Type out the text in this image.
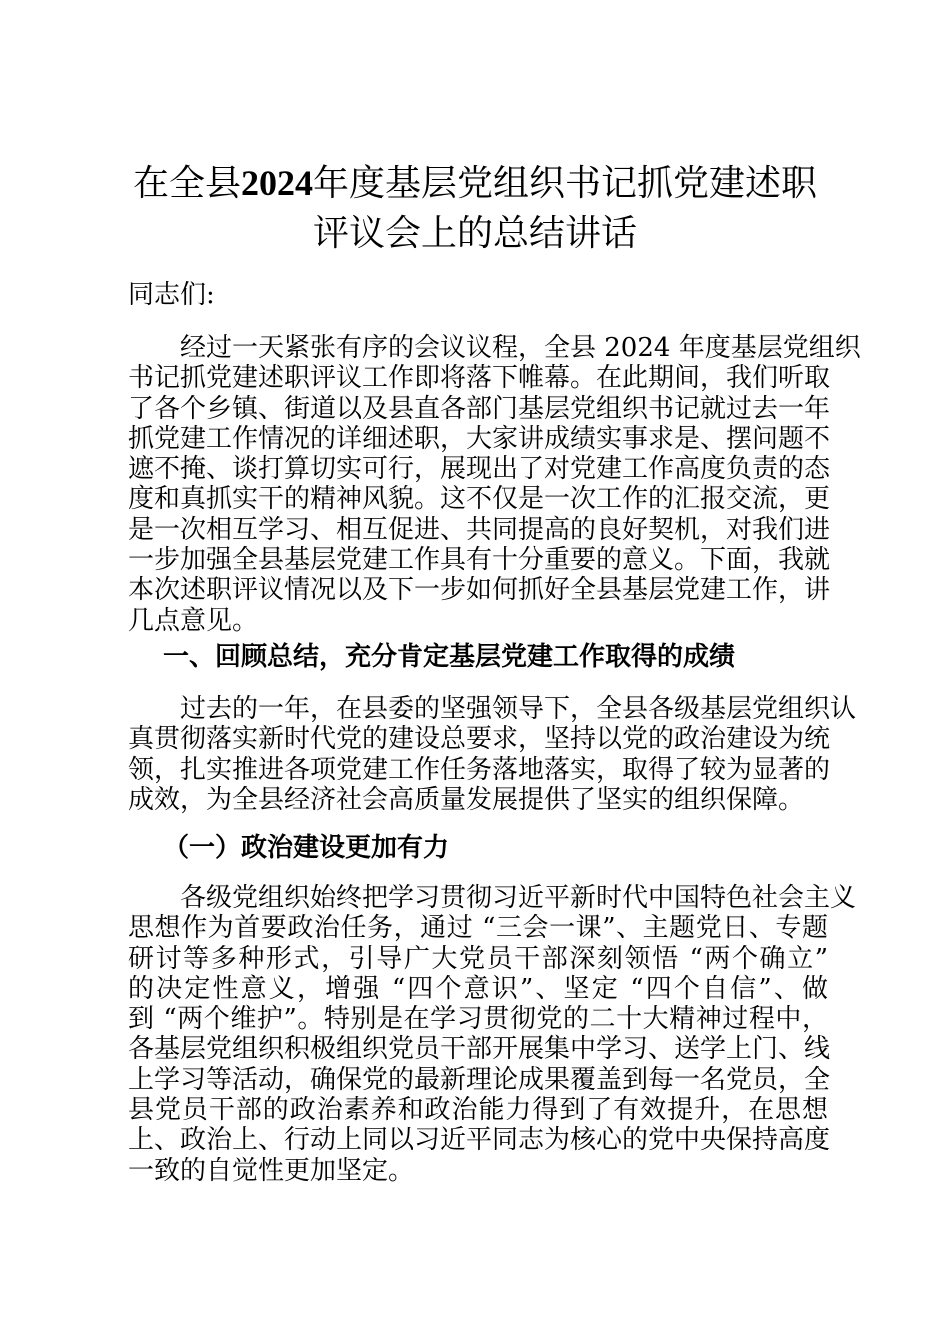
在全县2024年度基层党组织书记抓党建述职
评议会上的总结讲话
同志们:
　　经过一天紧张有序的会议议程，全县 2024 年度基层党组织
书记抓党建述职评议工作即将落下帷幕。在此期间，我们听取
了各个乡镇、街道以及县直各部门基层党组织书记就过去一年
抓党建工作情况的详细述职，大家讲成绩实事求是、摆问题不
遮不掩、谈打算切实可行，展现出了对党建工作高度负责的态
度和真抓实干的精神风貌。这不仅是一次工作的汇报交流，更
是一次相互学习、相互促进、共同提高的良好契机，对我们进
一步加强全县基层党建工作具有十分重要的意义。下面，我就
本次述职评议情况以及下一步如何抓好全县基层党建工作，讲
几点意见。
一、回顾总结，充分肯定基层党建工作取得的成绩
　　过去的一年，在县委的坚强领导下，全县各级基层党组织认
真贯彻落实新时代党的建设总要求，坚持以党的政治建设为统
领，扎实推进各项党建工作任务落地落实，取得了较为显著的
成效，为全县经济社会高质量发展提供了坚实的组织保障。
（一）政治建设更加有力
　　各级党组织始终把学习贯彻习近平新时代中国特色社会主义
思想作为首要政治任务，通过 “三会一课”、主题党日、专题
研讨等多种形式，引导广大党员干部深刻领悟 “两个确立”
的决定性意义，增强 “四个意识”、坚定 “四个自信”、做
到 “两个维护”。特别是在学习贯彻党的二十大精神过程中，
各基层党组织积极组织党员干部开展集中学习、送学上门、线
上学习等活动，确保党的最新理论成果覆盖到每一名党员，全
县党员干部的政治素养和政治能力得到了有效提升，在思想
上、政治上、行动上同以习近平同志为核心的党中央保持高度
一致的自觉性更加坚定。
